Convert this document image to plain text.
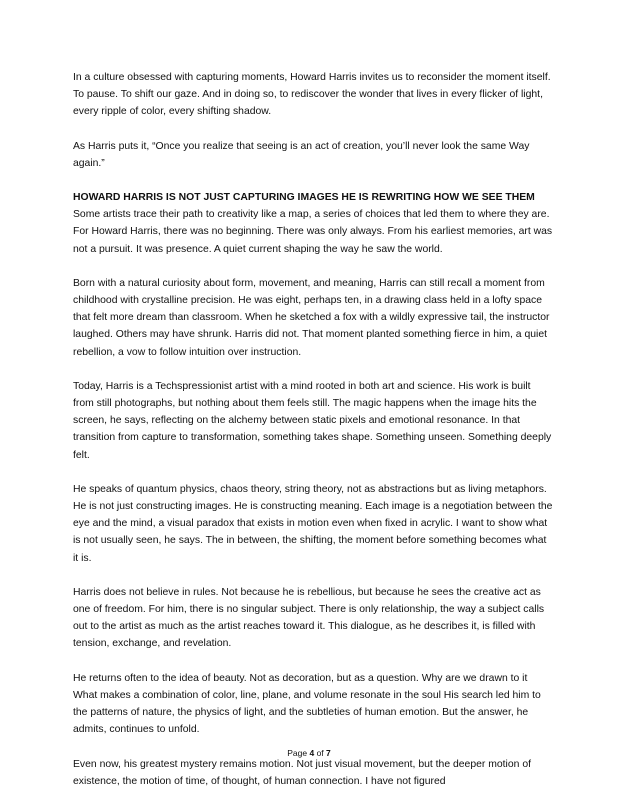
In a culture obsessed with capturing moments, Howard Harris invites us to reconsider the moment itself. To pause. To shift our gaze. And in doing so, to rediscover the wonder that lives in every flicker of light, every ripple of color, every shifting shadow.

As Harris puts it, “Once you realize that seeing is an act of creation, you’ll never look the same Way again.”

HOWARD HARRIS IS NOT JUST CAPTURING IMAGES HE IS REWRITING HOW WE SEE THEM

Some artists trace their path to creativity like a map, a series of choices that led them to where they are. For Howard Harris, there was no beginning. There was only always. From his earliest memories, art was not a pursuit. It was presence. A quiet current shaping the way he saw the world.

Born with a natural curiosity about form, movement, and meaning, Harris can still recall a moment from childhood with crystalline precision. He was eight, perhaps ten, in a drawing class held in a lofty space that felt more dream than classroom. When he sketched a fox with a wildly expressive tail, the instructor laughed. Others may have shrunk. Harris did not. That moment planted something fierce in him, a quiet rebellion, a vow to follow intuition over instruction.

Today, Harris is a Techspressionist artist with a mind rooted in both art and science. His work is built from still photographs, but nothing about them feels still. The magic happens when the image hits the screen, he says, reflecting on the alchemy between static pixels and emotional resonance. In that transition from capture to transformation, something takes shape. Something unseen. Something deeply felt.

He speaks of quantum physics, chaos theory, string theory, not as abstractions but as living metaphors. He is not just constructing images. He is constructing meaning. Each image is a negotiation between the eye and the mind, a visual paradox that exists in motion even when fixed in acrylic. I want to show what is not usually seen, he says. The in between, the shifting, the moment before something becomes what it is.

Harris does not believe in rules. Not because he is rebellious, but because he sees the creative act as one of freedom. For him, there is no singular subject. There is only relationship, the way a subject calls out to the artist as much as the artist reaches toward it. This dialogue, as he describes it, is filled with tension, exchange, and revelation.

He returns often to the idea of beauty. Not as decoration, but as a question. Why are we drawn to it What makes a combination of color, line, plane, and volume resonate in the soul His search led him to the patterns of nature, the physics of light, and the subtleties of human emotion. But the answer, he admits, continues to unfold.

Even now, his greatest mystery remains motion. Not just visual movement, but the deeper motion of existence, the motion of time, of thought, of human connection. I have not figured

Page 4 of 7
